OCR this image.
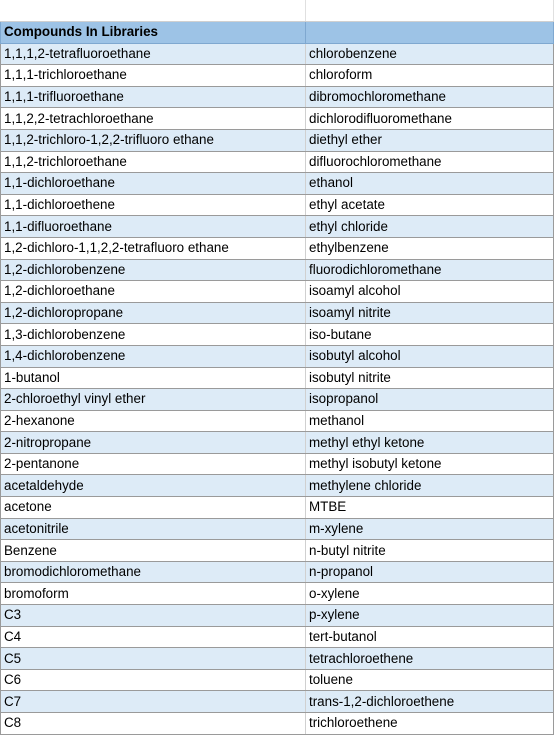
Compounds In Libraries	
1,1,1,2-tetrafluoroethane	chlorobenzene
1,1,1-trichloroethane	chloroform
1,1,1-trifluoroethane	dibromochloromethane
1,1,2,2-tetrachloroethane	dichlorodifluoromethane
1,1,2-trichloro-1,2,2-trifluoro ethane	diethyl ether
1,1,2-trichloroethane	difluorochloromethane
1,1-dichloroethane	ethanol
1,1-dichloroethene	ethyl acetate
1,1-difluoroethane	ethyl chloride
1,2-dichloro-1,1,2,2-tetrafluoro ethane	ethylbenzene
1,2-dichlorobenzene	fluorodichloromethane
1,2-dichloroethane	isoamyl alcohol
1,2-dichloropropane	isoamyl nitrite
1,3-dichlorobenzene	iso-butane
1,4-dichlorobenzene	isobutyl alcohol
1-butanol	isobutyl nitrite
2-chloroethyl vinyl ether	isopropanol
2-hexanone	methanol
2-nitropropane	methyl ethyl ketone
2-pentanone	methyl isobutyl ketone
acetaldehyde	methylene chloride
acetone	MTBE
acetonitrile	m-xylene
Benzene	n-butyl nitrite
bromodichloromethane	n-propanol
bromoform	o-xylene
C3	p-xylene
C4	tert-butanol
C5	tetrachloroethene
C6	toluene
C7	trans-1,2-dichloroethene
C8	trichloroethene
